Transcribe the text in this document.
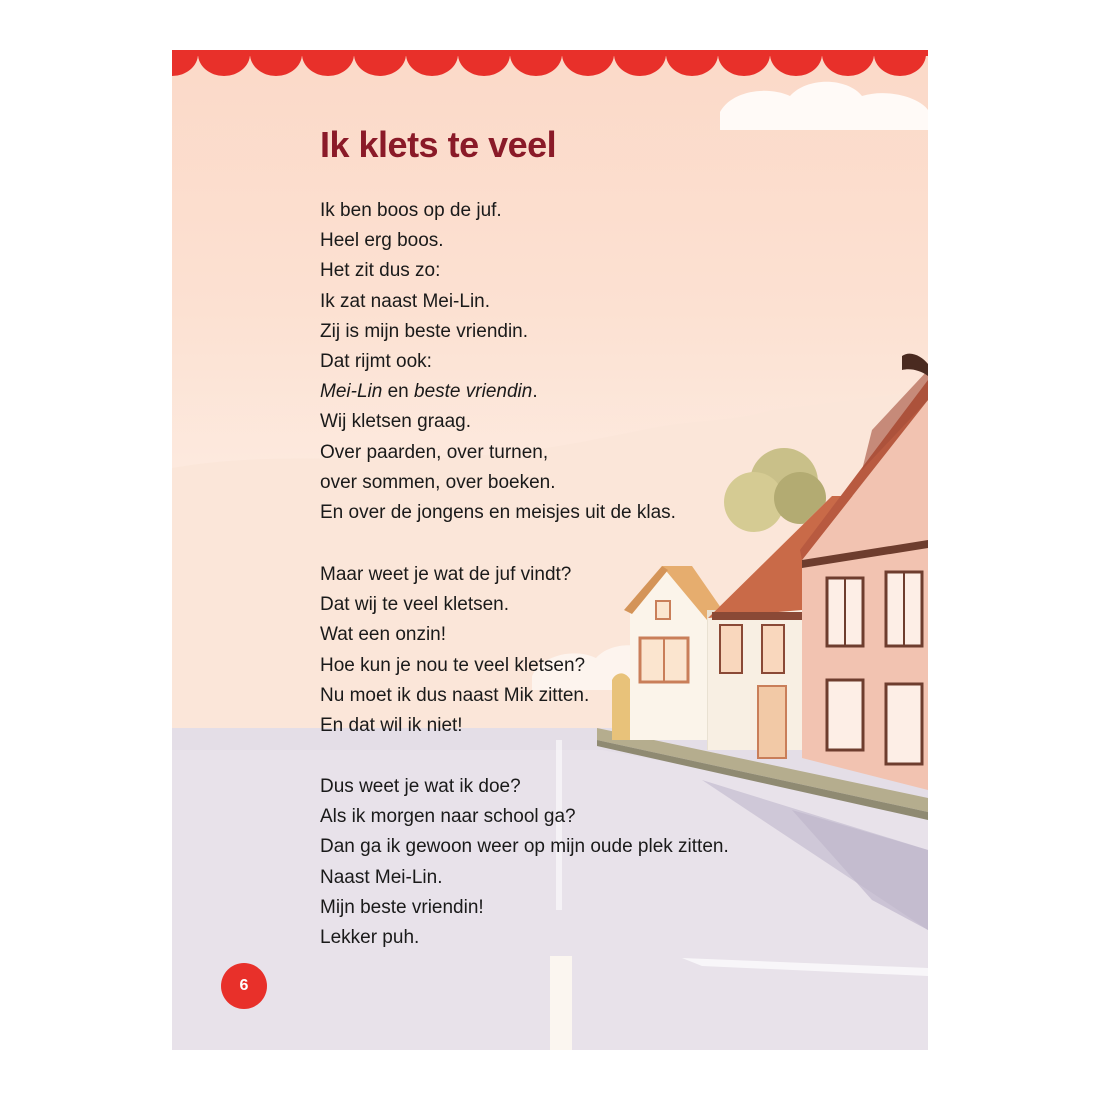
Ik klets te veel
Ik ben boos op de juf.
Heel erg boos.
Het zit dus zo:
Ik zat naast Mei-Lin.
Zij is mijn beste vriendin.
Dat rijmt ook:
Mei-Lin en beste vriendin.
Wij kletsen graag.
Over paarden, over turnen,
over sommen, over boeken.
En over de jongens en meisjes uit de klas.
Maar weet je wat de juf vindt?
Dat wij te veel kletsen.
Wat een onzin!
Hoe kun je nou te veel kletsen?
Nu moet ik dus naast Mik zitten.
En dat wil ik niet!
Dus weet je wat ik doe?
Als ik morgen naar school ga?
Dan ga ik gewoon weer op mijn oude plek zitten.
Naast Mei-Lin.
Mijn beste vriendin!
Lekker puh.
6
